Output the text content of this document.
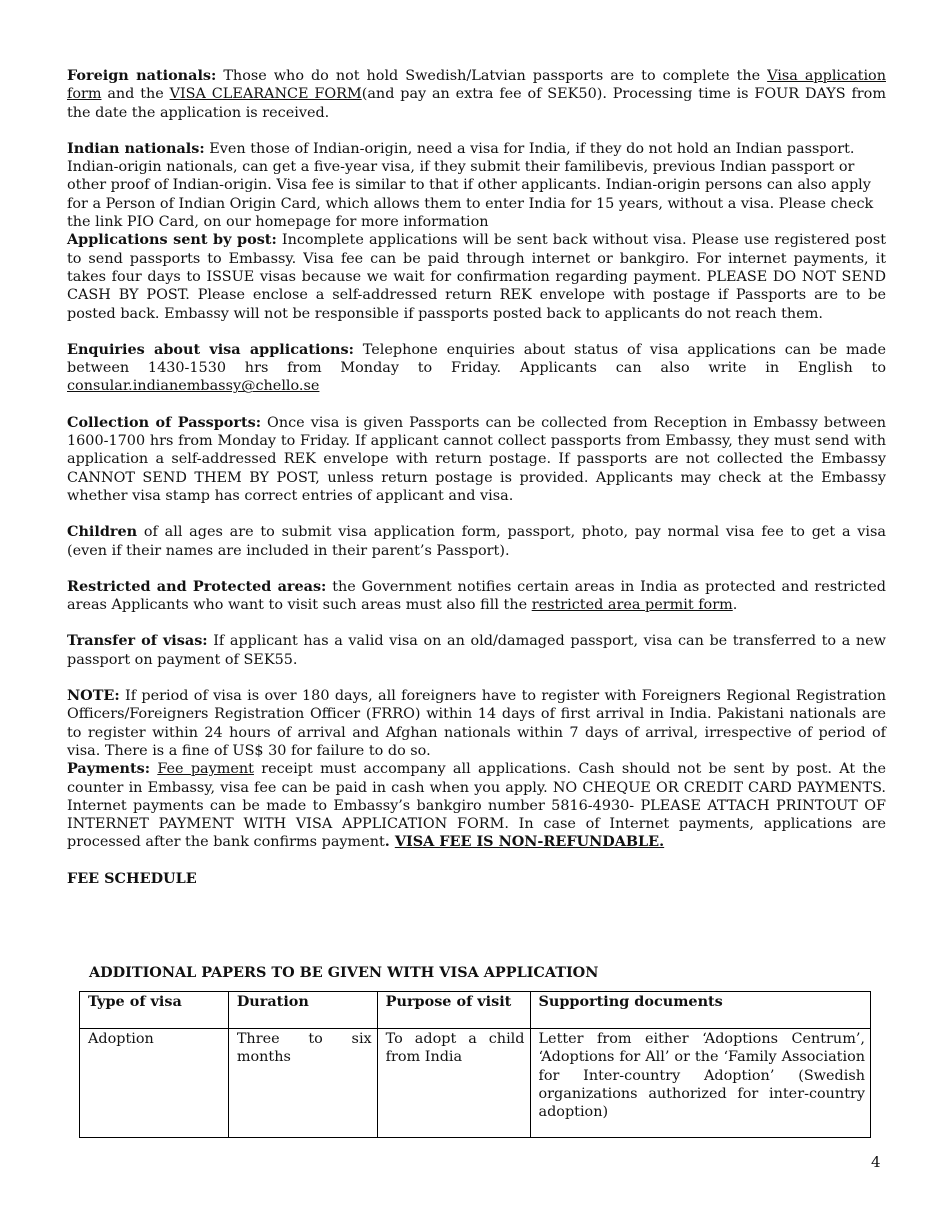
Foreign nationals: Those who do not hold Swedish/Latvian passports are to complete the Visa application form and the VISA CLEARANCE FORM(and pay an extra fee of SEK50). Processing time is FOUR DAYS from the date the application is received.

Indian nationals: Even those of Indian-origin, need a visa for India, if they do not hold an Indian passport. Indian-origin nationals, can get a five-year visa, if they submit their familibevis, previous Indian passport or other proof of Indian-origin. Visa fee is similar to that if other applicants. Indian-origin persons can also apply for a Person of Indian Origin Card, which allows them to enter India for 15 years, without a visa. Please check the link PIO Card, on our homepage for more information

Applications sent by post: Incomplete applications will be sent back without visa. Please use registered post to send passports to Embassy. Visa fee can be paid through internet or bankgiro. For internet payments, it takes four days to ISSUE visas because we wait for confirmation regarding payment. PLEASE DO NOT SEND CASH BY POST. Please enclose a self-addressed return REK envelope with postage if Passports are to be posted back. Embassy will not be responsible if passports posted back to applicants do not reach them.

Enquiries about visa applications: Telephone enquiries about status of visa applications can be made between 1430-1530 hrs from Monday to Friday. Applicants can also write in English to consular.indianembassy@chello.se

Collection of Passports: Once visa is given Passports can be collected from Reception in Embassy between 1600-1700 hrs from Monday to Friday. If applicant cannot collect passports from Embassy, they must send with application a self-addressed REK envelope with return postage. If passports are not collected the Embassy CANNOT SEND THEM BY POST, unless return postage is provided. Applicants may check at the Embassy whether visa stamp has correct entries of applicant and visa.

Children of all ages are to submit visa application form, passport, photo, pay normal visa fee to get a visa (even if their names are included in their parent’s Passport).

Restricted and Protected areas: the Government notifies certain areas in India as protected and restricted areas Applicants who want to visit such areas must also fill the restricted area permit form.

Transfer of visas: If applicant has a valid visa on an old/damaged passport, visa can be transferred to a new passport on payment of SEK55.

NOTE: If period of visa is over 180 days, all foreigners have to register with Foreigners Regional Registration Officers/Foreigners Registration Officer (FRRO) within 14 days of first arrival in India. Pakistani nationals are to register within 24 hours of arrival and Afghan nationals within 7 days of arrival, irrespective of period of visa. There is a fine of US$ 30 for failure to do so.

Payments: Fee payment receipt must accompany all applications. Cash should not be sent by post. At the counter in Embassy, visa fee can be paid in cash when you apply. NO CHEQUE OR CREDIT CARD PAYMENTS. Internet payments can be made to Embassy’s bankgiro number 5816-4930- PLEASE ATTACH PRINTOUT OF INTERNET PAYMENT WITH VISA APPLICATION FORM. In case of Internet payments, applications are processed after the bank confirms payment. VISA FEE IS NON-REFUNDABLE.

FEE SCHEDULE

ADDITIONAL PAPERS TO BE GIVEN WITH VISA APPLICATION
Type of visa	Duration	Purpose of visit	Supporting documents
Adoption	Three to six months	To adopt a child from India	Letter from either ‘Adoptions Centrum’, ‘Adoptions for All’ or the ‘Family Association for Inter-country Adoption’ (Swedish organizations authorized for inter-country adoption)
4
